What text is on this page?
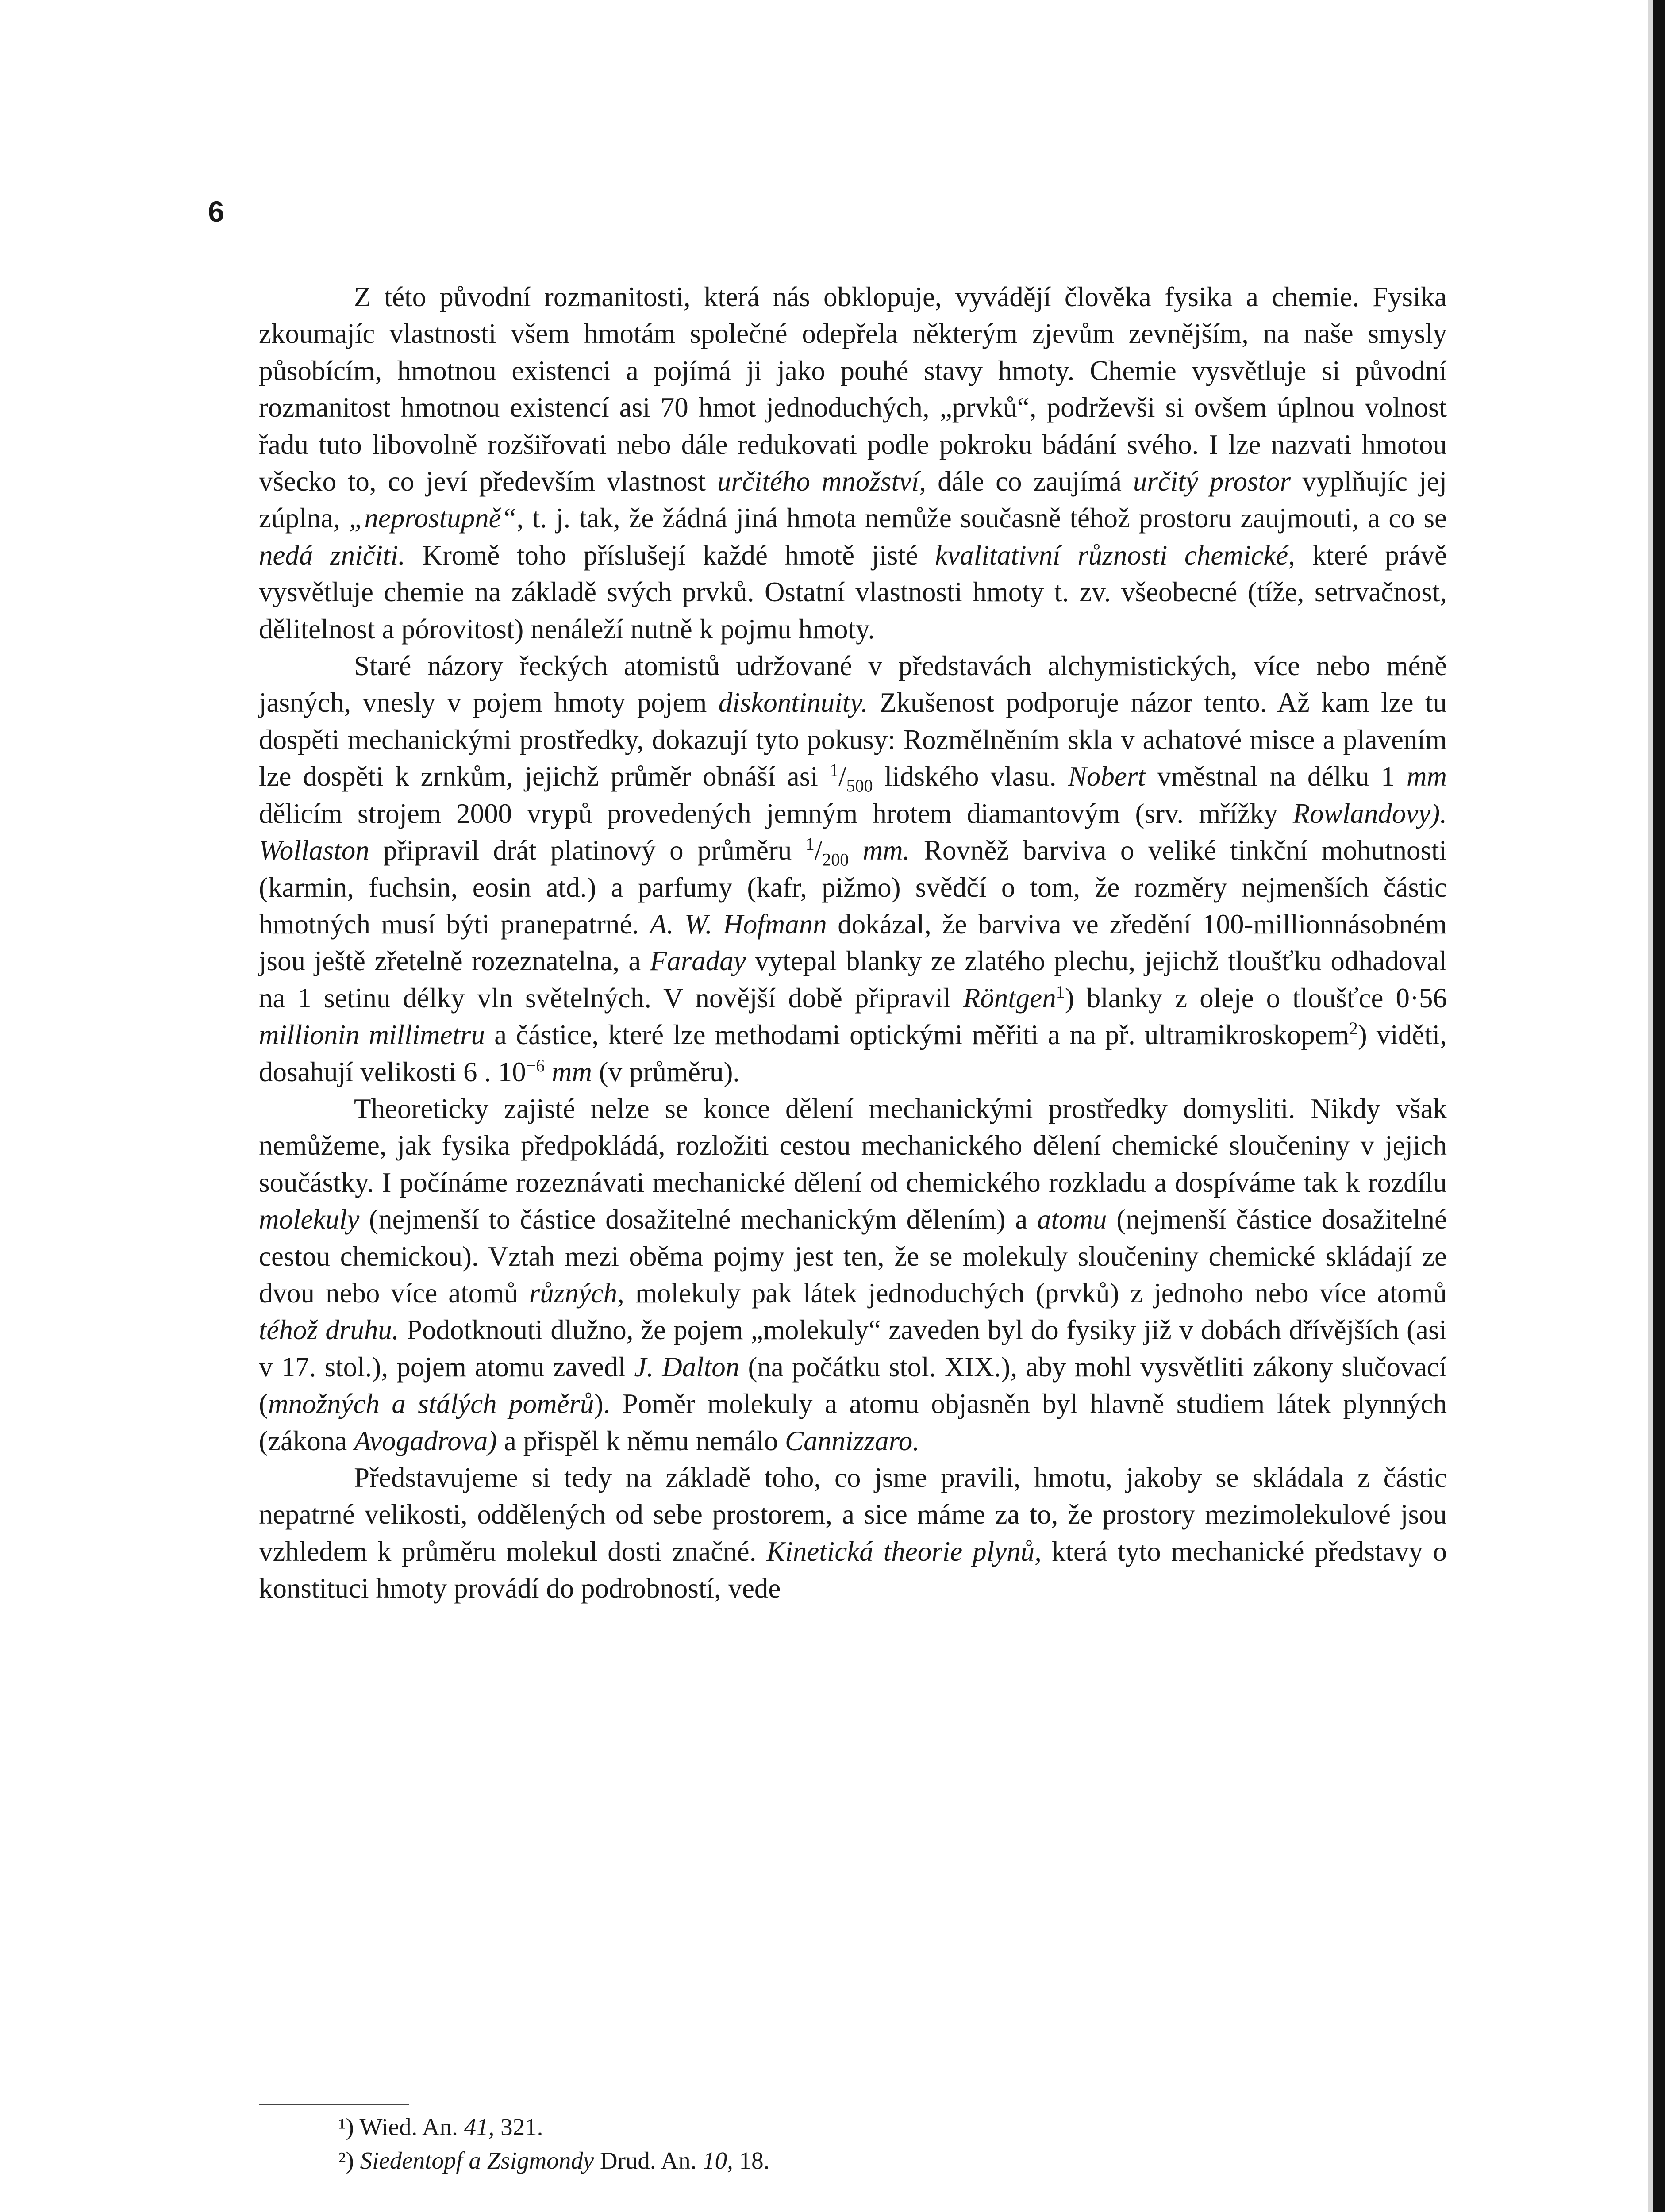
6

Z této původní rozmanitosti, která nás obklopuje, vyvádějí člověka fysika a chemie. Fysika zkoumajíc vlastnosti všem hmotám společné odepřela některým zjevům zevnějším, na naše smysly působícím, hmotnou existenci a pojímá ji jako pouhé stavy hmoty. Chemie vysvětluje si původní rozmanitost hmotnou existencí asi 70 hmot jednoduchých, „prvků“, podrževši si ovšem úplnou volnost řadu tuto libovolně rozšiřovati nebo dále redukovati podle pokroku bádání svého. I lze nazvati hmotou všecko to, co jeví především vlastnost určitého množství, dále co zaujímá určitý prostor vyplňujíc jej zúplna, „neprostupně“, t. j. tak, že žádná jiná hmota nemůže současně téhož prostoru zaujmouti, a co se nedá zničiti. Kromě toho příslušejí každé hmotě jisté kvalitativní různosti chemické, které právě vysvětluje chemie na základě svých prvků. Ostatní vlastnosti hmoty t. zv. všeobecné (tíže, setrvačnost, dělitelnost a pórovitost) nenáleží nutně k pojmu hmoty.

Staré názory řeckých atomistů udržované v představách alchymistických, více nebo méně jasných, vnesly v pojem hmoty pojem diskontinuity. Zkušenost podporuje názor tento. Až kam lze tu dospěti mechanickými prostředky, dokazují tyto pokusy: Rozmělněním skla v achatové misce a plavením lze dospěti k zrnkům, jejichž průměr obnáší asi $^1/_{500}$ lidského vlasu. Nobert vměstnal na délku 1 mm dělicím strojem 2000 vrypů provedených jemným hrotem diamantovým (srv. mřížky Rowlandovy). Wollaston připravil drát platinový o průměru $^1/_{200}$ mm. Rovněž barviva o veliké tinkční mohutnosti (karmin, fuchsin, eosin atd.) a parfumy (kafr, pižmo) svědčí o tom, že rozměry nejmenších částic hmotných musí býti pranepatrné. A. W. Hofmann dokázal, že barviva ve zředění 100-millionnásobném jsou ještě zřetelně rozeznatelna, a Faraday vytepal blanky ze zlatého plechu, jejichž tloušťku odhadoval na 1 setinu délky vln světelných. V novější době připravil Röntgen$^1$) blanky z oleje o tloušťce 0·56 millionin millimetru a částice, které lze methodami optickými měřiti a na př. ultramikroskopem$^2$) viděti, dosahují velikosti 6 . $10^{-6}$ mm (v průměru).

Theoreticky zajisté nelze se konce dělení mechanickými prostředky domysliti. Nikdy však nemůžeme, jak fysika předpokládá, rozložiti cestou mechanického dělení chemické sloučeniny v jejich součástky. I počínáme rozeznávati mechanické dělení od chemického rozkladu a dospíváme tak k rozdílu molekuly (nejmenší to částice dosažitelné mechanickým dělením) a atomu (nejmenší částice dosažitelné cestou chemickou). Vztah mezi oběma pojmy jest ten, že se molekuly sloučeniny chemické skládají ze dvou nebo více atomů různých, molekuly pak látek jednoduchých (prvků) z jednoho nebo více atomů téhož druhu. Podotknouti dlužno, že pojem „molekuly“ zaveden byl do fysiky již v dobách dřívějších (asi v 17. stol.), pojem atomu zavedl J. Dalton (na počátku stol. XIX.), aby mohl vysvětliti zákony slučovací (množných a stálých poměrů). Poměr molekuly a atomu objasněn byl hlavně studiem látek plynných (zákona Avogadrova) a přispěl k němu nemálo Cannizzaro.

Představujeme si tedy na základě toho, co jsme pravili, hmotu, jakoby se skládala z částic nepatrné velikosti, oddělených od sebe prostorem, a sice máme za to, že prostory mezimolekulové jsou vzhledem k průměru molekul dosti značné. Kinetická theorie plynů, která tyto mechanické představy o konstituci hmoty provádí do podrobností, vede

¹) Wied. An. 41, 321.
²) Siedentopf a Zsigmondy Drud. An. 10, 18.
